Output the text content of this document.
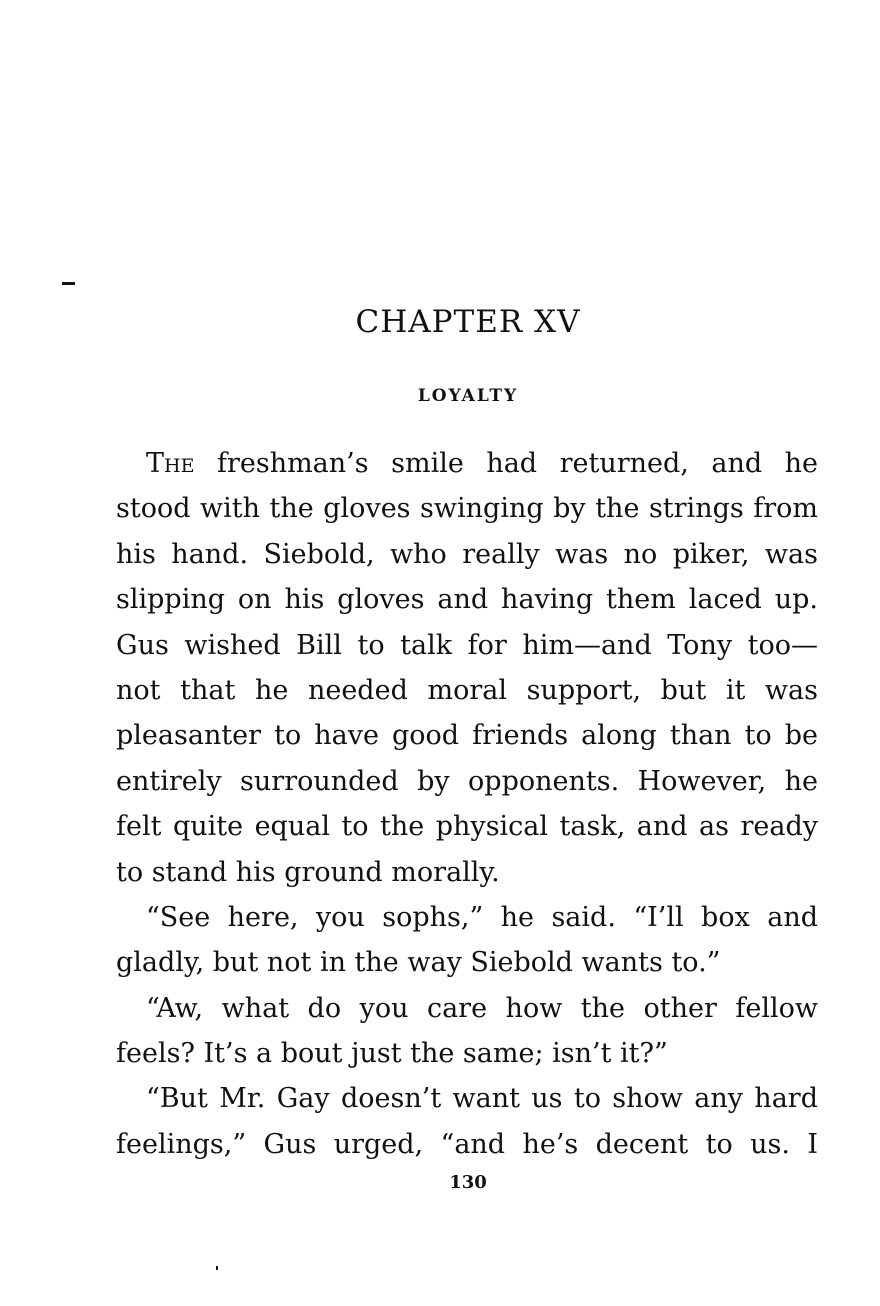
CHAPTER XV
LOYALTY
The freshman’s smile had returned, and he
stood with the gloves swinging by the strings from
his hand. Siebold, who really was no piker, was
slipping on his gloves and having them laced up.
Gus wished Bill to talk for him—and Tony too—
not that he needed moral support, but it was
pleasanter to have good friends along than to be
entirely surrounded by opponents. However, he
felt quite equal to the physical task, and as ready
to stand his ground morally.
“See here, you sophs,” he said. “I’ll box and
gladly, but not in the way Siebold wants to.”
“Aw, what do you care how the other fellow
feels? It’s a bout just the same; isn’t it?”
“But Mr. Gay doesn’t want us to show any hard
feelings,” Gus urged, “and he’s decent to us. I
130
